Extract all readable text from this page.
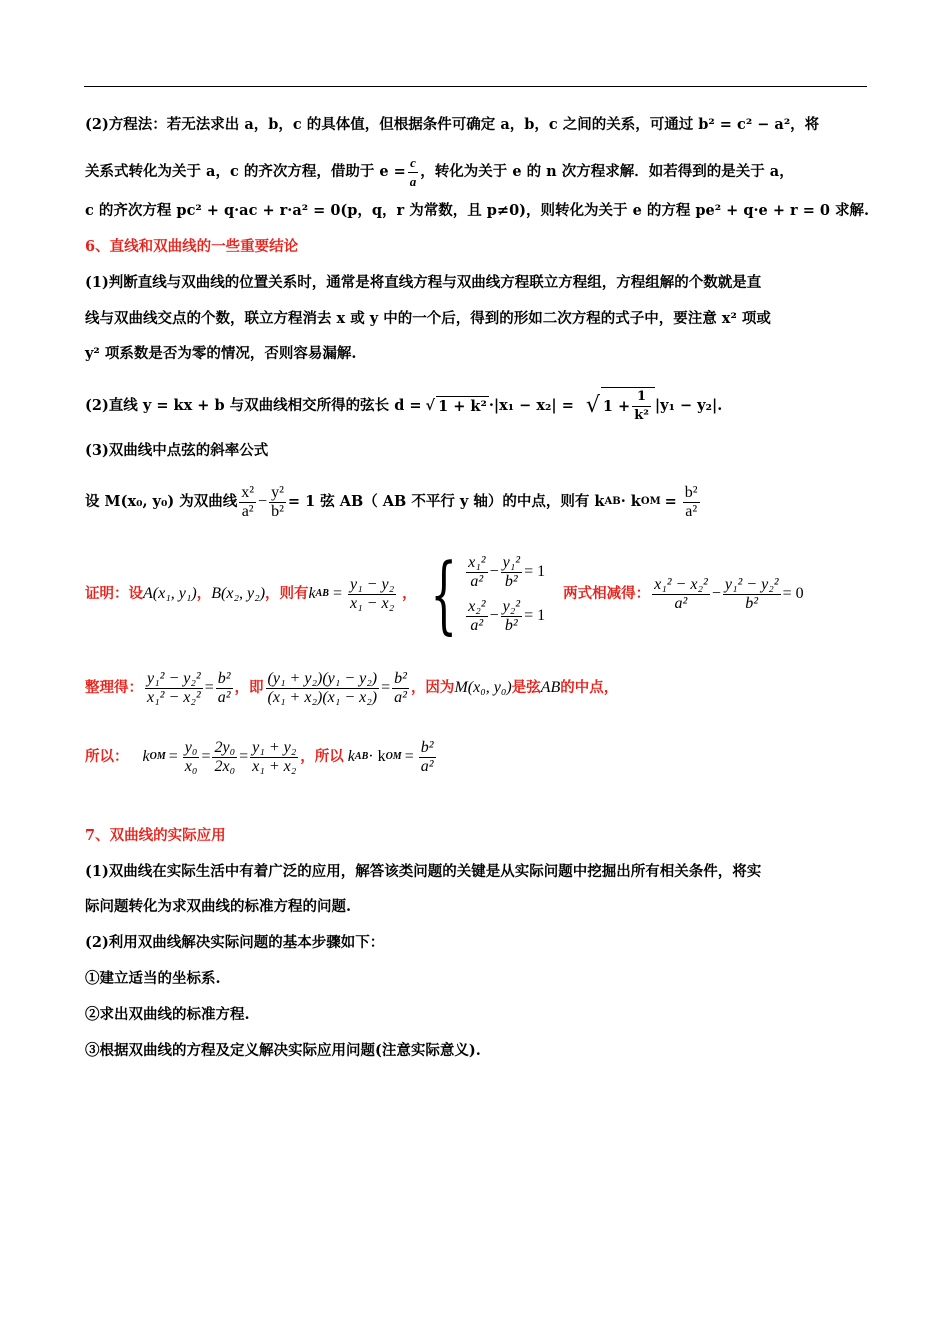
(2)方程法：若无法求出 a，b，c 的具体值，但根据条件可确定 a，b，c 之间的关系，可通过 b² = c² − a²，将
关系式转化为关于 a，c 的齐次方程，借助于 $e = \frac{c}{a}$ ，转化为关于 e 的 n 次方程求解．如若得到的是关于 a，
c 的齐次方程 pc² + q·ac + r·a² = 0(p，q，r 为常数，且 p≠0)，则转化为关于 e 的方程 pe² + q·e + r = 0 求解.
6、直线和双曲线的一些重要结论
(1)判断直线与双曲线的位置关系时，通常是将直线方程与双曲线方程联立方程组，方程组解的个数就是直
线与双曲线交点的个数，联立方程消去 x 或 y 中的一个后，得到的形如二次方程的式子中，要注意 x² 项或
y² 项系数是否为零的情况，否则容易漏解.
(2)直线 y = kx + b 与双曲线相交所得的弦长 d = √ 1 + k² ·|x₁ − x₂| = √ $1 + \frac{1}{\text{k²}} |y_1 - y_2|$.
(3)双曲线中点弦的斜率公式
设 M(x₀, y₀) 为双曲线 $\frac{\text{x²}}{\text{a²}} - \frac{\text{y²}}{\text{b²}} = 1$ 弦 AB（ AB 不平行 y 轴）的中点，则有 k AB · k OM = $\frac{\text{b²}}{\text{a²}}$
证明：设 A(x₁, y₁) ， B(x₂, y₂) ，则有 k AB = $\frac{\text{y₁ − y₂}}{\text{x₁ − x₂}}$ ， { $\frac{\text{x₁²}}{\text{a²}} - \frac{\text{y₁²}}{\text{b²}} = 1$
$\frac{\text{x₂²}}{\text{a²}} - \frac{\text{y₂²}}{\text{b²}} = 1$
两式相减得： $\frac{\text{x₁² − x₂²}}{\text{a²}} - \frac{\text{y₁² − y₂²}}{\text{b²}} = 0$
整理得： $\frac{\text{y₁² − y₂²}}{\text{x₁² − x₂²}} = \frac{\text{b²}}{\text{a²}}$ ，即 $\frac{\text{(y₁ + y₂)(y₁ − y₂)}}{\text{(x₁ + x₂)(x₁ − x₂)}} = \frac{\text{b²}}{\text{a²}}$ ，因为 M(x₀, y₀) 是弦 AB 的中点，
所以： k OM = $\frac{\text{y₀}}{\text{x₀}} = \frac{\text{2y₀}}{\text{2x₀}} = \frac{\text{y₁ + y₂}}{\text{x₁ + x₂}}$ ，所以 k AB · k OM = $\frac{\text{b²}}{\text{a²}}$
7、双曲线的实际应用
(1)双曲线在实际生活中有着广泛的应用，解答该类问题的关键是从实际问题中挖掘出所有相关条件，将实
际问题转化为求双曲线的标准方程的问题.
(2)利用双曲线解决实际问题的基本步骤如下：
①建立适当的坐标系.
②求出双曲线的标准方程.
③根据双曲线的方程及定义解决实际应用问题(注意实际意义).
